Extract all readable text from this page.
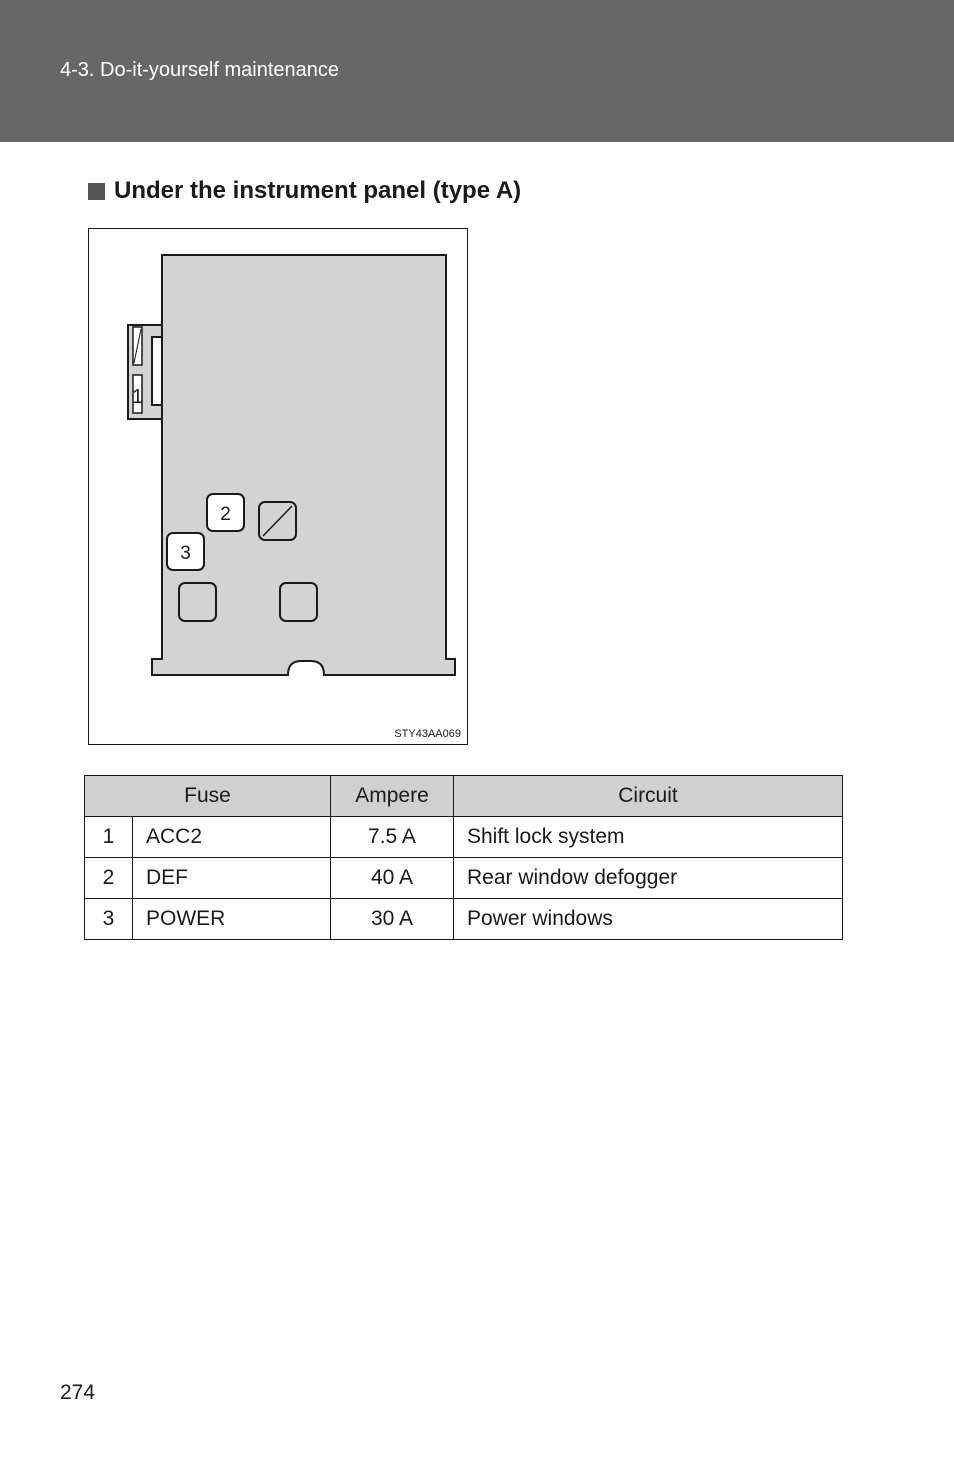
4-3. Do-it-yourself maintenance
Under the instrument panel (type A)
1
2
3
STY43AA069
Fuse		Ampere	Circuit
1	ACC2	7.5 A	Shift lock system
2	DEF	40 A	Rear window defogger
3	POWER	30 A	Power windows
274
